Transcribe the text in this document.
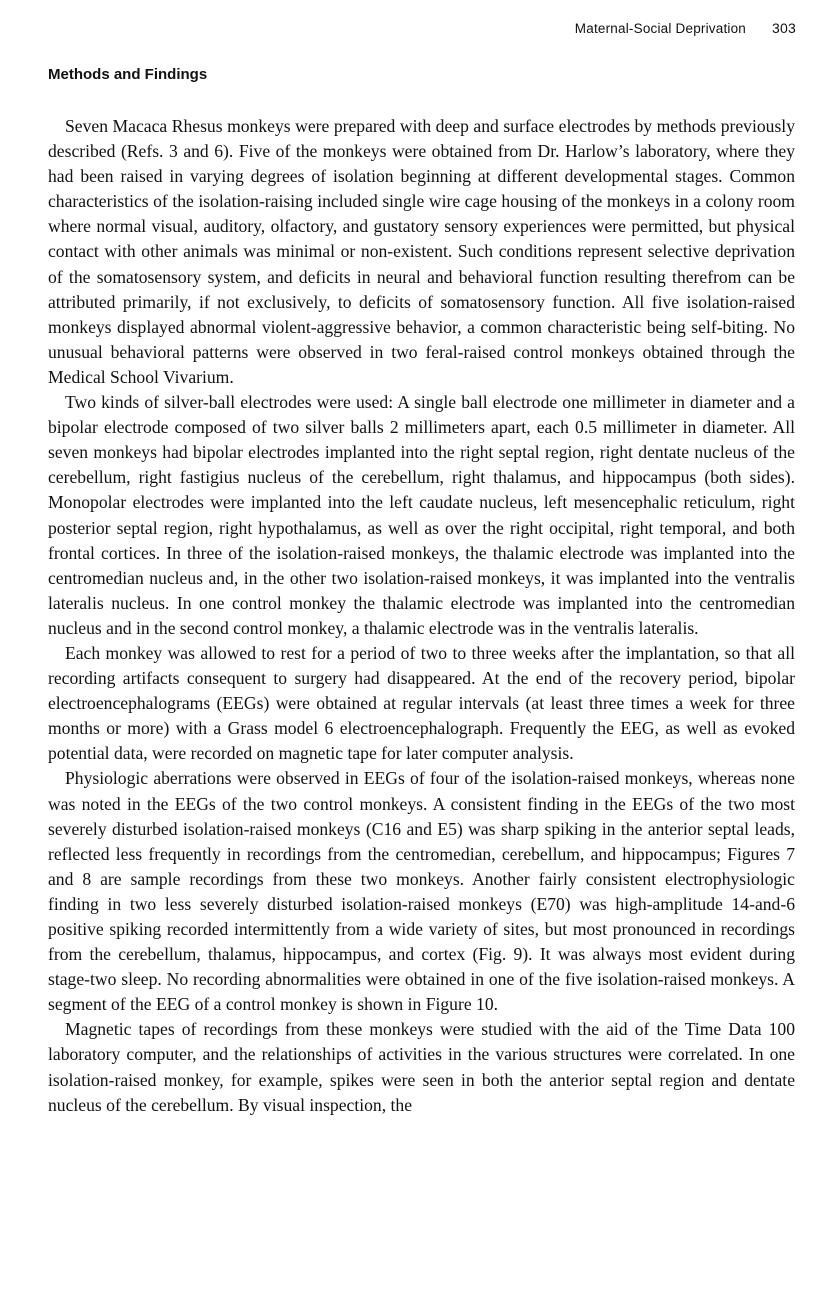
Maternal-Social Deprivation 303
Methods and Findings

Seven Macaca Rhesus monkeys were prepared with deep and surface electrodes by methods previously described (Refs. 3 and 6). Five of the monkeys were obtained from Dr. Harlow’s laboratory, where they had been raised in varying degrees of isolation beginning at different developmental stages. Common characteristics of the isolation-raising included single wire cage housing of the monkeys in a colony room where normal visual, auditory, olfactory, and gustatory sensory experiences were permitted, but physical contact with other animals was minimal or non-existent. Such conditions represent selective deprivation of the somatosensory system, and deficits in neural and behavioral function resulting therefrom can be attributed primarily, if not exclusively, to deficits of somatosensory function. All five isolation-raised monkeys displayed abnormal violent-aggressive behavior, a common characteristic being self-biting. No unusual behavioral patterns were observed in two feral-raised control monkeys obtained through the Medical School Vivarium.

Two kinds of silver-ball electrodes were used: A single ball electrode one millimeter in diameter and a bipolar electrode composed of two silver balls 2 millimeters apart, each 0.5 millimeter in diameter. All seven monkeys had bipolar electrodes implanted into the right septal region, right dentate nucleus of the cerebellum, right fastigius nucleus of the cerebellum, right thalamus, and hippocampus (both sides). Monopolar electrodes were implanted into the left caudate nucleus, left mesencephalic reticulum, right posterior septal region, right hypothalamus, as well as over the right occipital, right temporal, and both frontal cortices. In three of the isolation-raised monkeys, the thalamic electrode was implanted into the centromedian nucleus and, in the other two isolation-raised monkeys, it was implanted into the ventralis lateralis nucleus. In one control monkey the thalamic electrode was implanted into the centromedian nucleus and in the second control monkey, a thalamic electrode was in the ventralis lateralis.

Each monkey was allowed to rest for a period of two to three weeks after the implantation, so that all recording artifacts consequent to surgery had disappeared. At the end of the recovery period, bipolar electroencephalograms (EEGs) were obtained at regular intervals (at least three times a week for three months or more) with a Grass model 6 electroencephalograph. Frequently the EEG, as well as evoked potential data, were recorded on magnetic tape for later computer analysis.

Physiologic aberrations were observed in EEGs of four of the isolation-raised monkeys, whereas none was noted in the EEGs of the two control monkeys. A consistent finding in the EEGs of the two most severely disturbed isolation-raised monkeys (C16 and E5) was sharp spiking in the anterior septal leads, reflected less frequently in recordings from the centromedian, cerebellum, and hippocampus; Figures 7 and 8 are sample recordings from these two monkeys. Another fairly consistent electrophysiologic finding in two less severely disturbed isolation-raised monkeys (E70) was high-amplitude 14-and-6 positive spiking recorded intermittently from a wide variety of sites, but most pronounced in recordings from the cerebellum, thalamus, hippocampus, and cortex (Fig. 9). It was always most evident during stage-two sleep. No recording abnormalities were obtained in one of the five isolation-raised monkeys. A segment of the EEG of a control monkey is shown in Figure 10.

Magnetic tapes of recordings from these monkeys were studied with the aid of the Time Data 100 laboratory computer, and the relationships of activities in the various structures were correlated. In one isolation-raised monkey, for example, spikes were seen in both the anterior septal region and dentate nucleus of the cerebellum. By visual inspection, the
